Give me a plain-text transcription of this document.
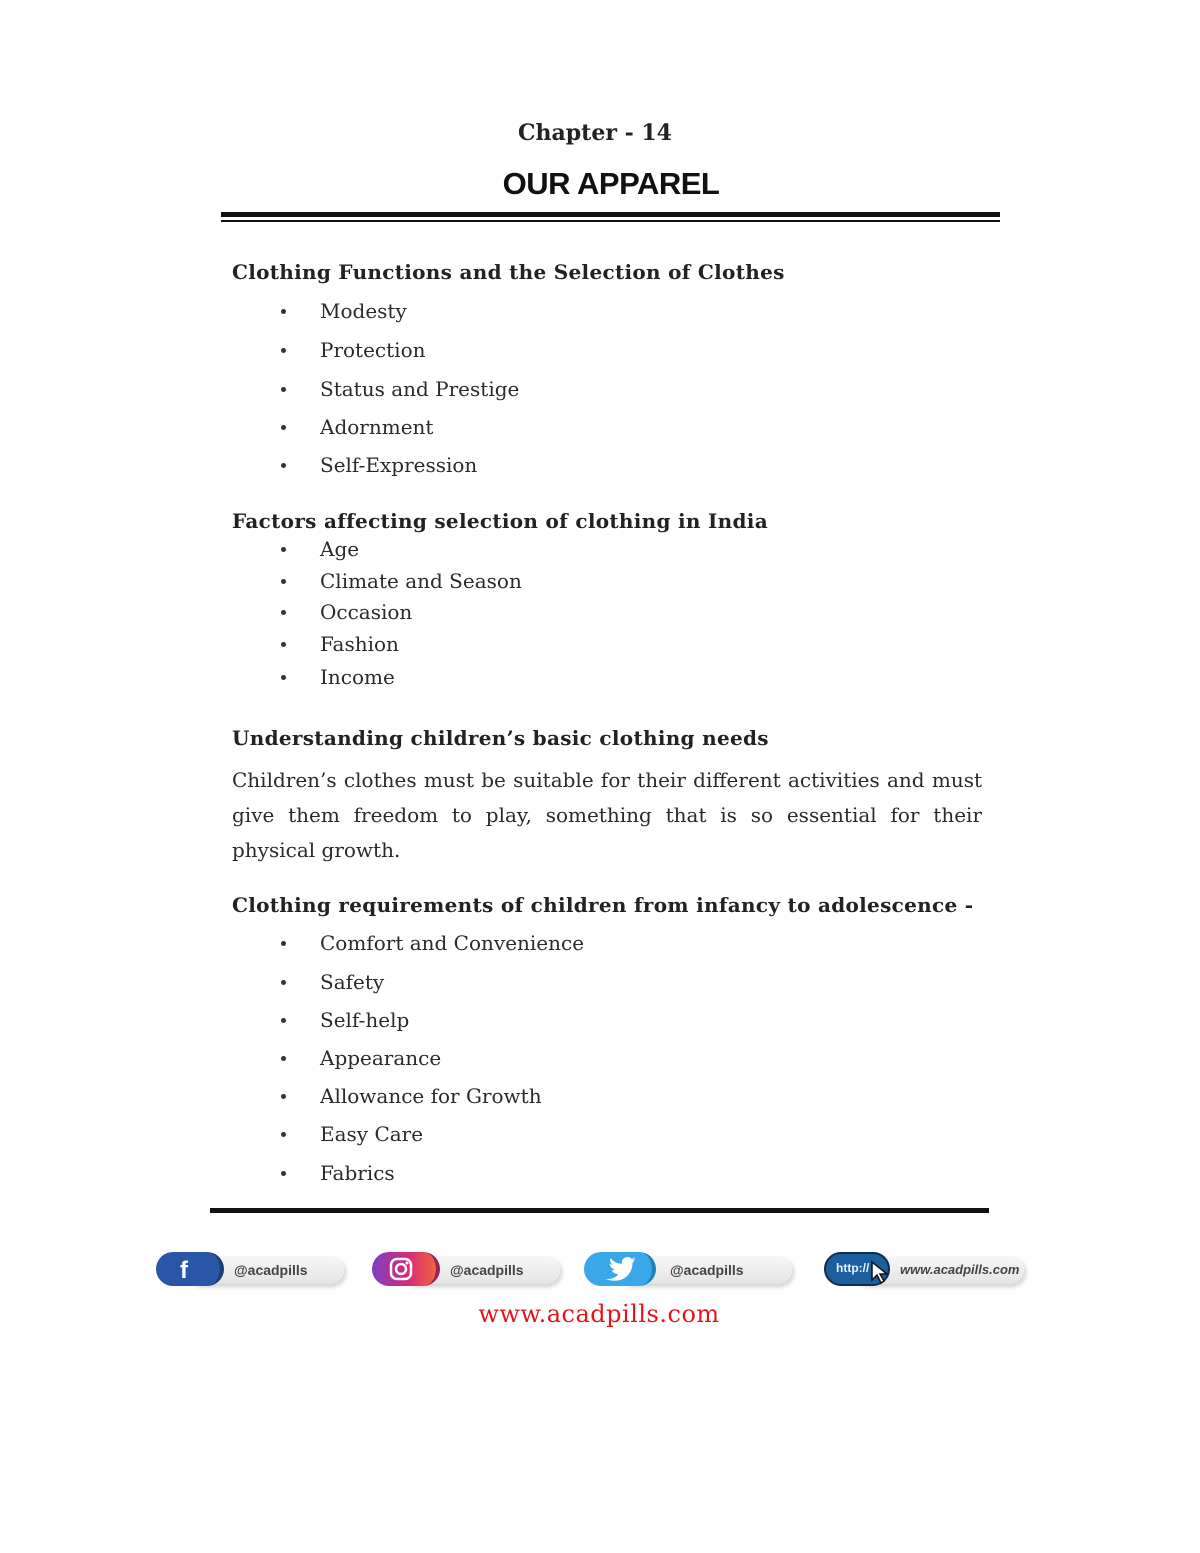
Chapter - 14
OUR APPAREL
Clothing Functions and the Selection of Clothes
Modesty
Protection
Status and Prestige
Adornment
Self-Expression
Factors affecting selection of clothing in India
Age
Climate and Season
Occasion
Fashion
Income
Understanding children’s basic clothing needs
Children’s clothes must be suitable for their different activities and must give them freedom to play, something that is so essential for their physical growth.
Clothing requirements of children from infancy to adolescence -
Comfort and Convenience
Safety
Self-help
Appearance
Allowance for Growth
Easy Care
Fabrics
@acadpills
f	@acadpills	@acadpills	www.acadpills.com
http://
www.acadpills.com
